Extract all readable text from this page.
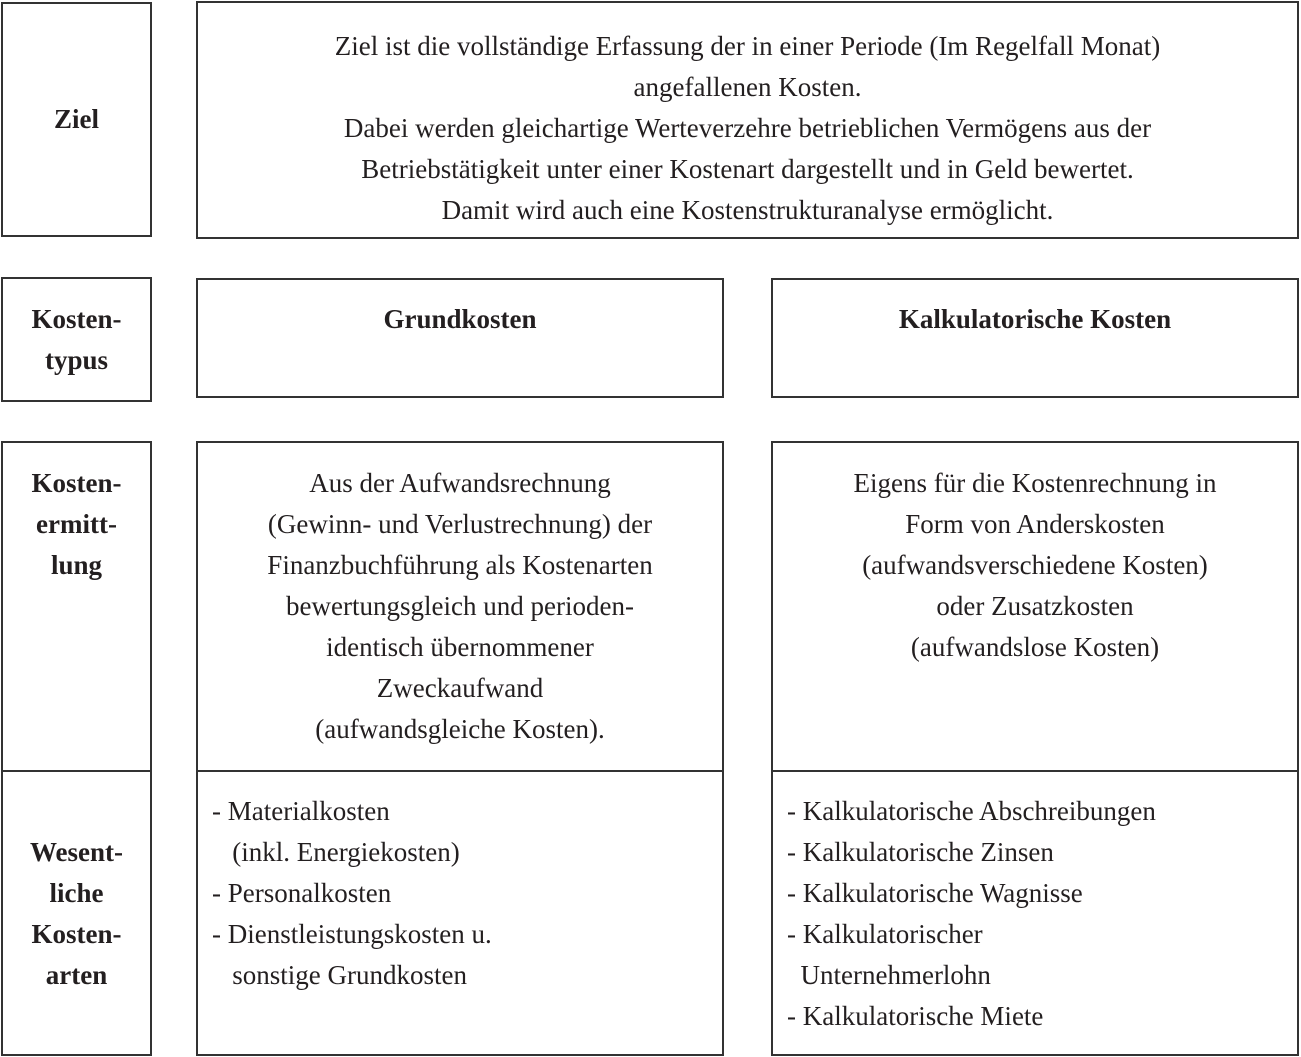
Ziel
Ziel ist die vollständige Erfassung der in einer Periode (Im Regelfall Monat)
angefallenen Kosten.
Dabei werden gleichartige Werteverzehre betrieblichen Vermögens aus der
Betriebstätigkeit unter einer Kostenart dargestellt und in Geld bewertet.
Damit wird auch eine Kostenstrukturanalyse ermöglicht.
Kosten-
typus
Grundkosten	Kalkulatorische Kosten
Kosten-
ermitt-
lung
Wesent-
liche
Kosten-
arten
Aus der Aufwandsrechnung
(Gewinn- und Verlustrechnung) der
Finanzbuchführung als Kostenarten
bewertungsgleich und perioden-
identisch übernommener
Zweckaufwand
(aufwandsgleiche Kosten).
- Materialkosten
(inkl. Energiekosten)
- Personalkosten
- Dienstleistungskosten u.
sonstige Grundkosten
Eigens für die Kostenrechnung in
Form von Anderskosten
(aufwandsverschiedene Kosten)
oder Zusatzkosten
(aufwandslose Kosten)
- Kalkulatorische Abschreibungen
- Kalkulatorische Zinsen
- Kalkulatorische Wagnisse
- Kalkulatorischer
Unternehmerlohn
- Kalkulatorische Miete
